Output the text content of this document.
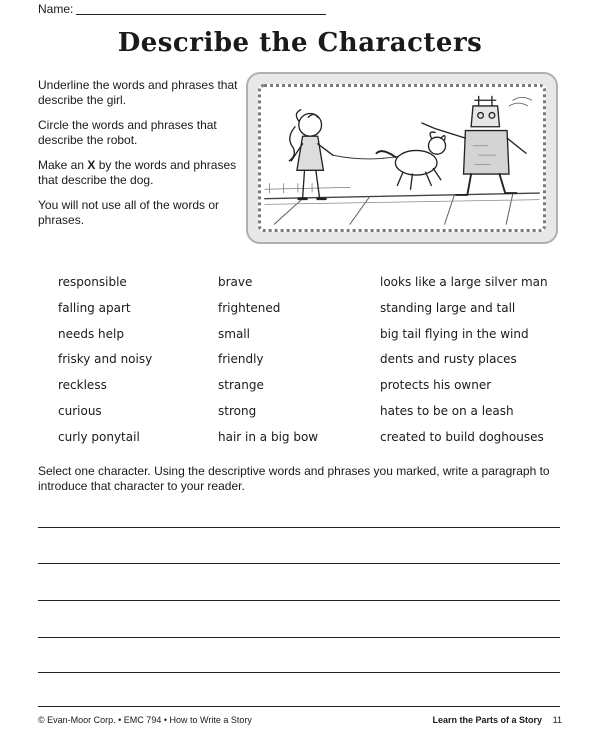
Name:
Describe the Characters

Underline the words and phrases that describe the girl.

Circle the words and phrases that describe the robot.

Make an X by the words and phrases that describe the dog.

You will not use all of the words or phrases.

responsible
falling apart
needs help
frisky and noisy
reckless
curious
curly ponytail
brave
frightened
small
friendly
strange
strong
hair in a big bow
looks like a large silver man
standing large and tall
big tail flying in the wind
dents and rusty places
protects his owner
hates to be on a leash
created to build doghouses

Select one character. Using the descriptive words and phrases you marked, write a paragraph to introduce that character to your reader.

© Evan-Moor Corp. • EMC 794 • How to Write a Story	Learn the Parts of a Story 11
